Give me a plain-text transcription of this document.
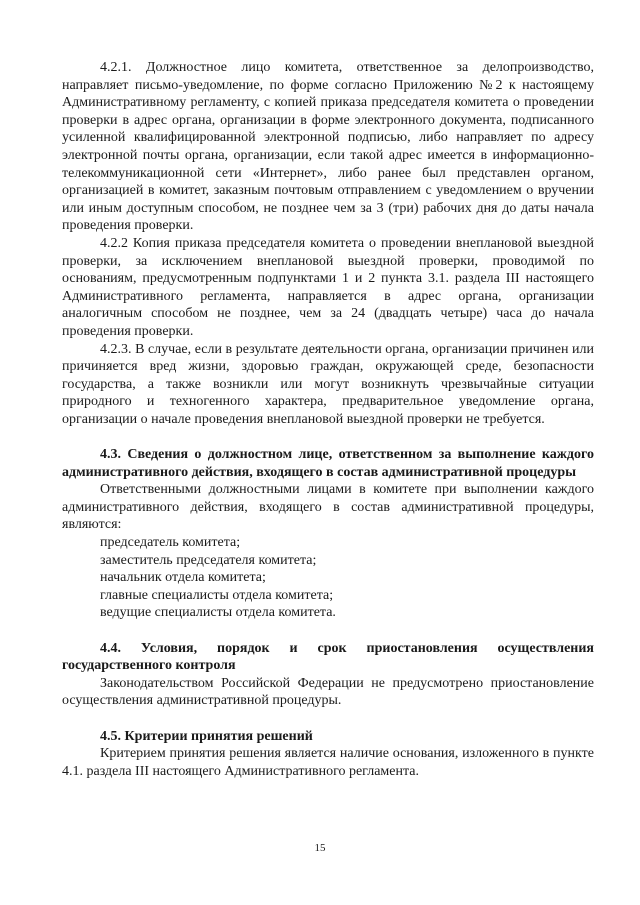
4.2.1. Должностное лицо комитета, ответственное за делопроизводство, направляет письмо-уведомление, по форме согласно Приложению №2 к настоящему Административному регламенту, с копией приказа председателя комитета о проведении проверки в адрес органа, организации в форме электронного документа, подписанного усиленной квалифицированной электронной подписью, либо направляет по адресу электронной почты органа, организации, если такой адрес имеется в информационно-телекоммуникационной сети «Интернет», либо ранее был представлен органом, организацией в комитет, заказным почтовым отправлением с уведомлением о вручении или иным доступным способом, не позднее чем за 3 (три) рабочих дня до даты начала проведения проверки.

4.2.2 Копия приказа председателя комитета о проведении внеплановой выездной проверки, за исключением внеплановой выездной проверки, проводимой по основаниям, предусмотренным подпунктами 1 и 2 пункта 3.1. раздела III настоящего Административного регламента, направляется в адрес органа, организации аналогичным способом не позднее, чем за 24 (двадцать четыре) часа до начала проведения проверки.

4.2.3. В случае, если в результате деятельности органа, организации причинен или причиняется вред жизни, здоровью граждан, окружающей среде, безопасности государства, а также возникли или могут возникнуть чрезвычайные ситуации природного и техногенного характера, предварительное уведомление органа, организации о начале проведения внеплановой выездной проверки не требуется.

4.3. Сведения о должностном лице, ответственном за выполнение каждого административного действия, входящего в состав административной процедуры

Ответственными должностными лицами в комитете при выполнении каждого административного действия, входящего в состав административной процедуры, являются:

председатель комитета;

заместитель председателя комитета;

начальник отдела комитета;

главные специалисты отдела комитета;

ведущие специалисты отдела комитета.

4.4. Условия, порядок и срок приостановления осуществления государственного контроля

Законодательством Российской Федерации не предусмотрено приостановление осуществления административной процедуры.

4.5. Критерии принятия решений

Критерием принятия решения является наличие основания, изложенного в пункте 4.1. раздела III настоящего Административного регламента.

15
